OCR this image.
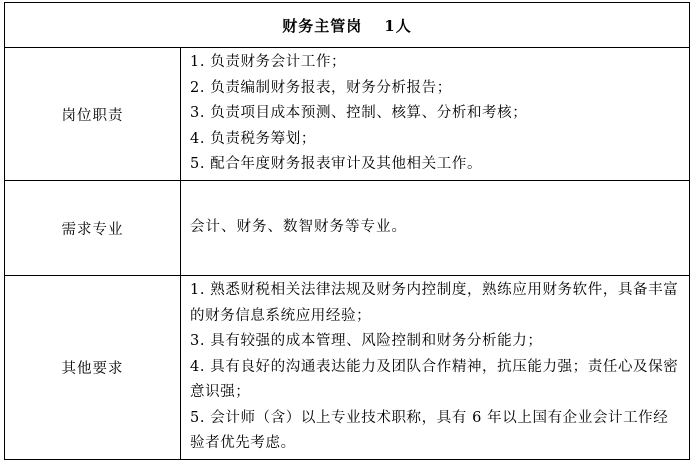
财务主管岗 1人	
岗位职责	1. 负责财务会计工作；
2. 负责编制财务报表，财务分析报告；
3. 负责项目成本预测、控制、核算、分析和考核；
4. 负责税务筹划；
5. 配合年度财务报表审计及其他相关工作。

需求专业	会计、财务、数智财务等专业。

其他要求	1. 熟悉财税相关法律法规及财务内控制度，熟练应用财务软件，具备丰富的财务信息系统应用经验；
3. 具有较强的成本管理、风险控制和财务分析能力；
4. 具有良好的沟通表达能力及团队合作精神，抗压能力强；责任心及保密意识强；
5. 会计师（含）以上专业技术职称，具有 6 年以上国有企业会计工作经验者优先考虑。
